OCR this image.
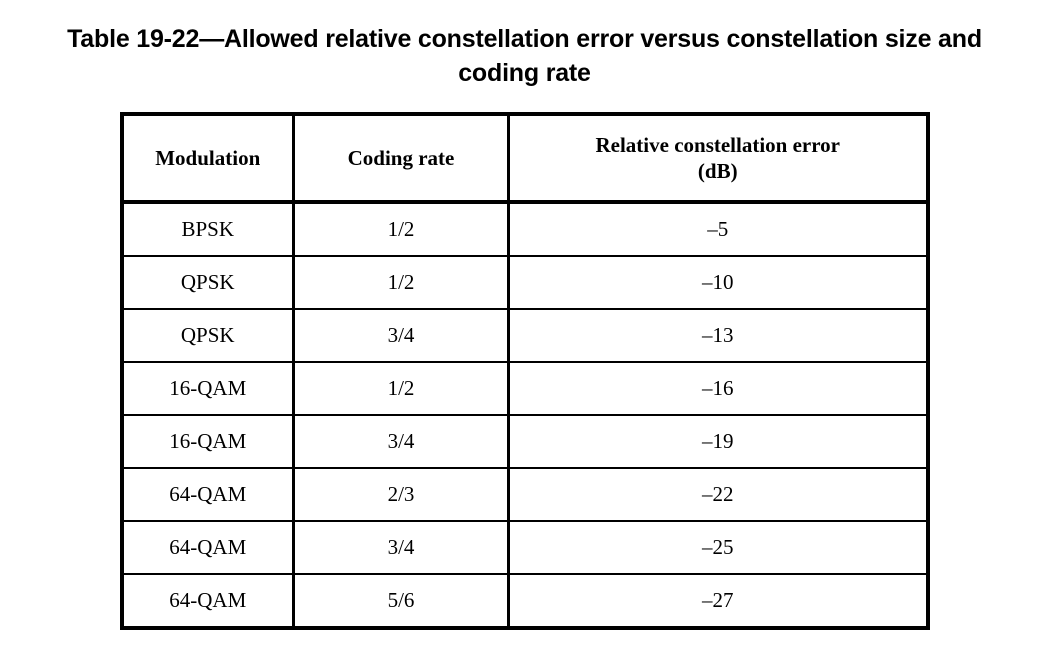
Table 19-22—Allowed relative constellation error versus constellation size and coding rate
Modulation	Coding rate	Relative constellation error
(dB)
BPSK	1/2	–5
QPSK	1/2	–10
QPSK	3/4	–13
16-QAM	1/2	–16
16-QAM	3/4	–19
64-QAM	2/3	–22
64-QAM	3/4	–25
64-QAM	5/6	–27
